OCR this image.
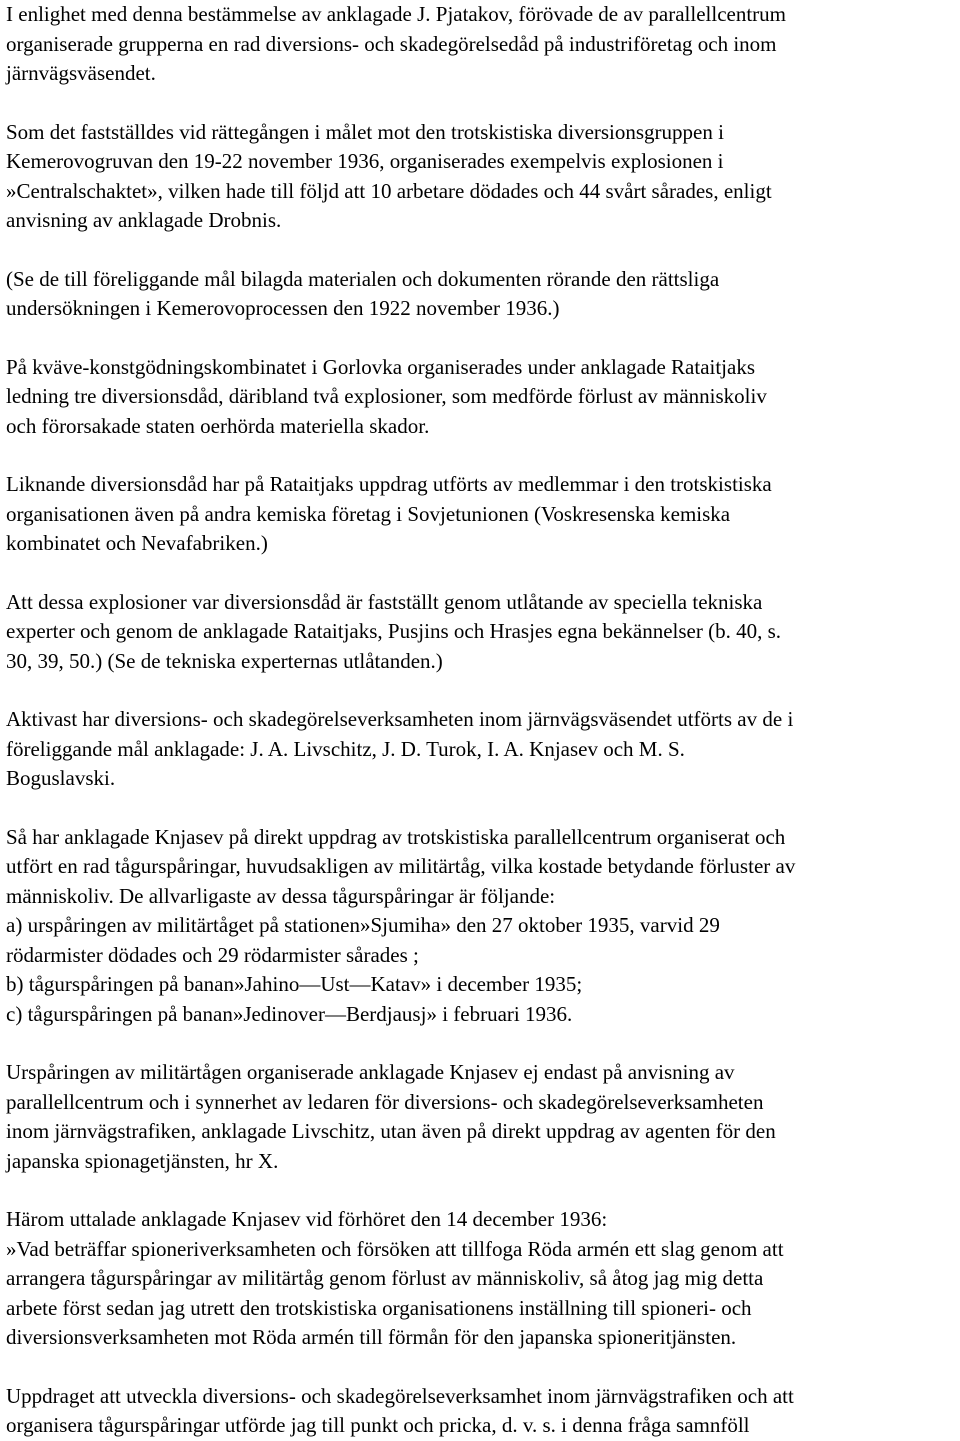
I enlighet med denna bestämmelse av anklagade J. Pjatakov, förövade de av parallellcentrum
organiserade grupperna en rad diversions- och skadegörelsedåd på industriföretag och inom
järnvägsväsendet.

Som det fastställdes vid rättegången i målet mot den trotskistiska diversionsgruppen i
Kemerovogruvan den 19-22 november 1936, organiserades exempelvis explosionen i
»Centralschaktet», vilken hade till följd att 10 arbetare dödades och 44 svårt sårades, enligt
anvisning av anklagade Drobnis.

(Se de till föreliggande mål bilagda materialen och dokumenten rörande den rättsliga
undersökningen i Kemerovoprocessen den 1922 november 1936.)

På kväve-konstgödningskombinatet i Gorlovka organiserades under anklagade Rataitjaks
ledning tre diversionsdåd, däribland två explosioner, som medförde förlust av människoliv
och förorsakade staten oerhörda materiella skador.

Liknande diversionsdåd har på Rataitjaks uppdrag utförts av medlemmar i den trotskistiska
organisationen även på andra kemiska företag i Sovjetunionen (Voskresenska kemiska
kombinatet och Nevafabriken.)

Att dessa explosioner var diversionsdåd är fastställt genom utlåtande av speciella tekniska
experter och genom de anklagade Rataitjaks, Pusjins och Hrasjes egna bekännelser (b. 40, s.
30, 39, 50.) (Se de tekniska experternas utlåtanden.)

Aktivast har diversions- och skadegörelseverksamheten inom järnvägsväsendet utförts av de i
föreliggande mål anklagade: J. A. Livschitz, J. D. Turok, I. A. Knjasev och M. S.
Boguslavski.

Så har anklagade Knjasev på direkt uppdrag av trotskistiska parallellcentrum organiserat och
utfört en rad tågurspåringar, huvudsakligen av militärtåg, vilka kostade betydande förluster av
människoliv. De allvarligaste av dessa tågurspåringar är följande:
a) urspåringen av militärtåget på stationen»Sjumiha» den 27 oktober 1935, varvid 29
rödarmister dödades och 29 rödarmister sårades ;
b) tågurspåringen på banan»Jahino—Ust—Katav» i december 1935;
c) tågurspåringen på banan»Jedinover—Berdjausj» i februari 1936.

Urspåringen av militärtågen organiserade anklagade Knjasev ej endast på anvisning av
parallellcentrum och i synnerhet av ledaren för diversions- och skadegörelseverksamheten
inom järnvägstrafiken, anklagade Livschitz, utan även på direkt uppdrag av agenten för den
japanska spionagetjänsten, hr X.

Härom uttalade anklagade Knjasev vid förhöret den 14 december 1936:
»Vad beträffar spioneriverksamheten och försöken att tillfoga Röda armén ett slag genom att
arrangera tågurspåringar av militärtåg genom förlust av människoliv, så åtog jag mig detta
arbete först sedan jag utrett den trotskistiska organisationens inställning till spioneri- och
diversionsverksamheten mot Röda armén till förmån för den japanska spioneritjänsten.

Uppdraget att utveckla diversions- och skadegörelseverksamhet inom järnvägstrafiken och att
organisera tågurspåringar utförde jag till punkt och pricka, d. v. s. i denna fråga samnföll
